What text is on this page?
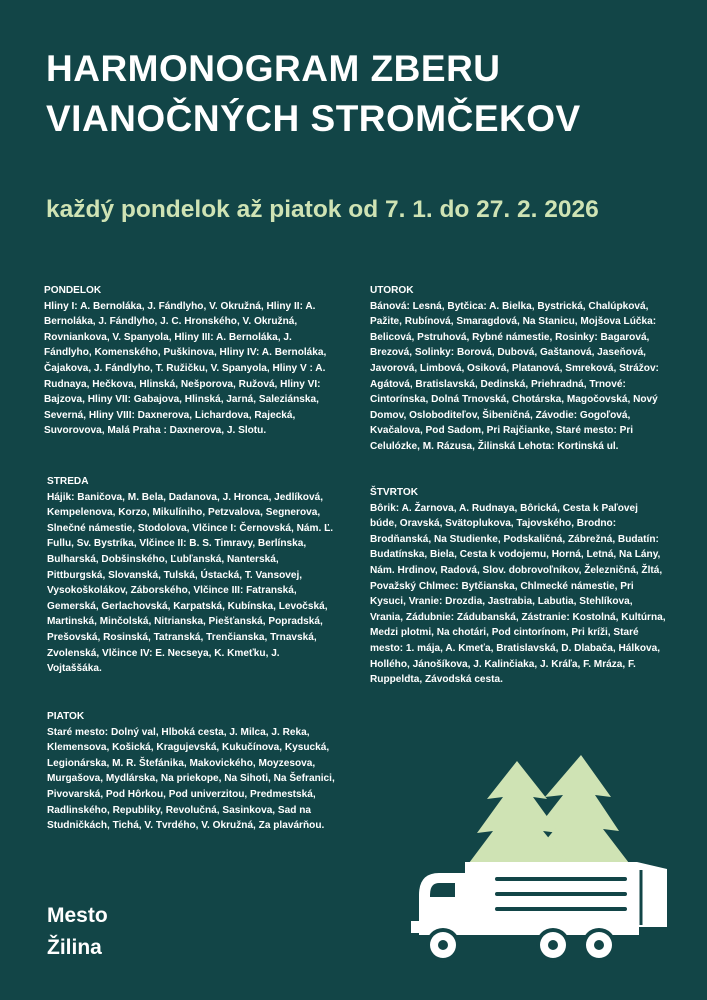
HARMONOGRAM ZBERU
VIANOČNÝCH STROMČEKOV
každý pondelok až piatok od 7. 1. do 27. 2. 2026
PONDELOK

Hliny I: A. Bernoláka, J. Fándlyho, V. Okružná, Hliny II: A. Bernoláka, J. Fándlyho, J. C. Hronského, V. Okružná, Rovniankova, V. Spanyola, Hliny III: A. Bernoláka, J. Fándlyho, Komenského, Puškinova, Hliny IV: A. Bernoláka, Čajakova, J. Fándlyho, T. Ružičku, V. Spanyola, Hliny V : A. Rudnaya, Hečkova, Hlinská, Nešporova, Ružová, Hliny VI: Bajzova, Hliny VII: Gabajova, Hlinská, Jarná, Saleziánska, Severná, Hliny VIII: Daxnerova, Lichardova, Rajecká, Suvorovova, Malá Praha : Daxnerova, J. Slotu.

UTOROK

Bánová: Lesná, Bytčica: A. Bielka, Bystrická, Chalúpková, Pažite, Rubínová, Smaragdová, Na Stanicu, Mojšova Lúčka: Belicová, Pstruhová, Rybné námestie, Rosinky: Bagarová, Brezová, Solinky: Borová, Dubová, Gaštanová, Jaseňová, Javorová, Limbová, Osiková, Platanová, Smreková, Strážov: Agátová, Bratislavská, Dedinská, Priehradná, Trnové: Cintorínska, Dolná Trnovská, Chotárska, Magočovská, Nový Domov, Osloboditeľov, Šibeničná, Závodie: Gogoľová, Kvačalova, Pod Sadom, Pri Rajčianke, Staré mesto: Pri Celulózke, M. Rázusa, Žilinská Lehota: Kortinská ul.

STREDA

Hájik: Baničova, M. Bela, Dadanova, J. Hronca, Jedlíková, Kempelenova, Korzo, Mikulíniho, Petzvalova, Segnerova, Slnečné námestie, Stodolova, Vlčince I: Černovská, Nám. Ľ. Fullu, Sv. Bystríka, Vlčince II: B. S. Timravy, Berlínska, Bulharská, Dobšinského, Ľubľanská, Nanterská, Pittburgská, Slovanská, Tulská, Ústacká, T. Vansovej, Vysokoškolákov, Záborského, Vlčince III: Fatranská, Gemerská, Gerlachovská, Karpatská, Kubínska, Levočská, Martinská, Minčolská, Nitrianska, Piešťanská, Popradská, Prešovská, Rosinská, Tatranská, Trenčianska, Trnavská, Zvolenská, Vlčince IV: E. Necseya, K. Kmeťku, J. Vojtaššáka.

ŠTVRTOK

Bôrik: A. Žarnova, A. Rudnaya, Bôrická, Cesta k Paľovej búde, Oravská, Svätoplukova, Tajovského, Brodno: Brodňanská, Na Studienke, Podskaličná, Zábrežná, Budatín: Budatínska, Biela, Cesta k vodojemu, Horná, Letná, Na Lány, Nám. Hrdinov, Radová, Slov. dobrovoľníkov, Železničná, Žltá, Považský Chlmec: Bytčianska, Chlmecké námestie, Pri Kysuci, Vranie: Drozdia, Jastrabia, Labutia, Stehlíkova, Vrania, Zádubnie: Zádubanská, Zástranie: Kostolná, Kultúrna, Medzi plotmi, Na chotári, Pod cintorínom, Pri kríži, Staré mesto: 1. mája, A. Kmeťa, Bratislavská, D. Dlabača, Hálkova, Hollého, Jánošíkova, J. Kalinčiaka, J. Kráľa, F. Mráza, F. Ruppeldta, Závodská cesta.

PIATOK

Staré mesto: Dolný val, Hlboká cesta, J. Milca, J. Reka, Klemensova, Košická, Kragujevská, Kukučínova, Kysucká, Legionárska, M. R. Štefánika, Makovického, Moyzesova, Murgašova, Mydlárska, Na priekope, Na Sihoti, Na Šefranici, Pivovarská, Pod Hôrkou, Pod univerzitou, Predmestská, Radlinského, Republiky, Revolučná, Sasinkova, Sad na Studničkách, Tichá, V. Tvrdého, V. Okružná, Za plavárňou.

Mesto
Žilina
